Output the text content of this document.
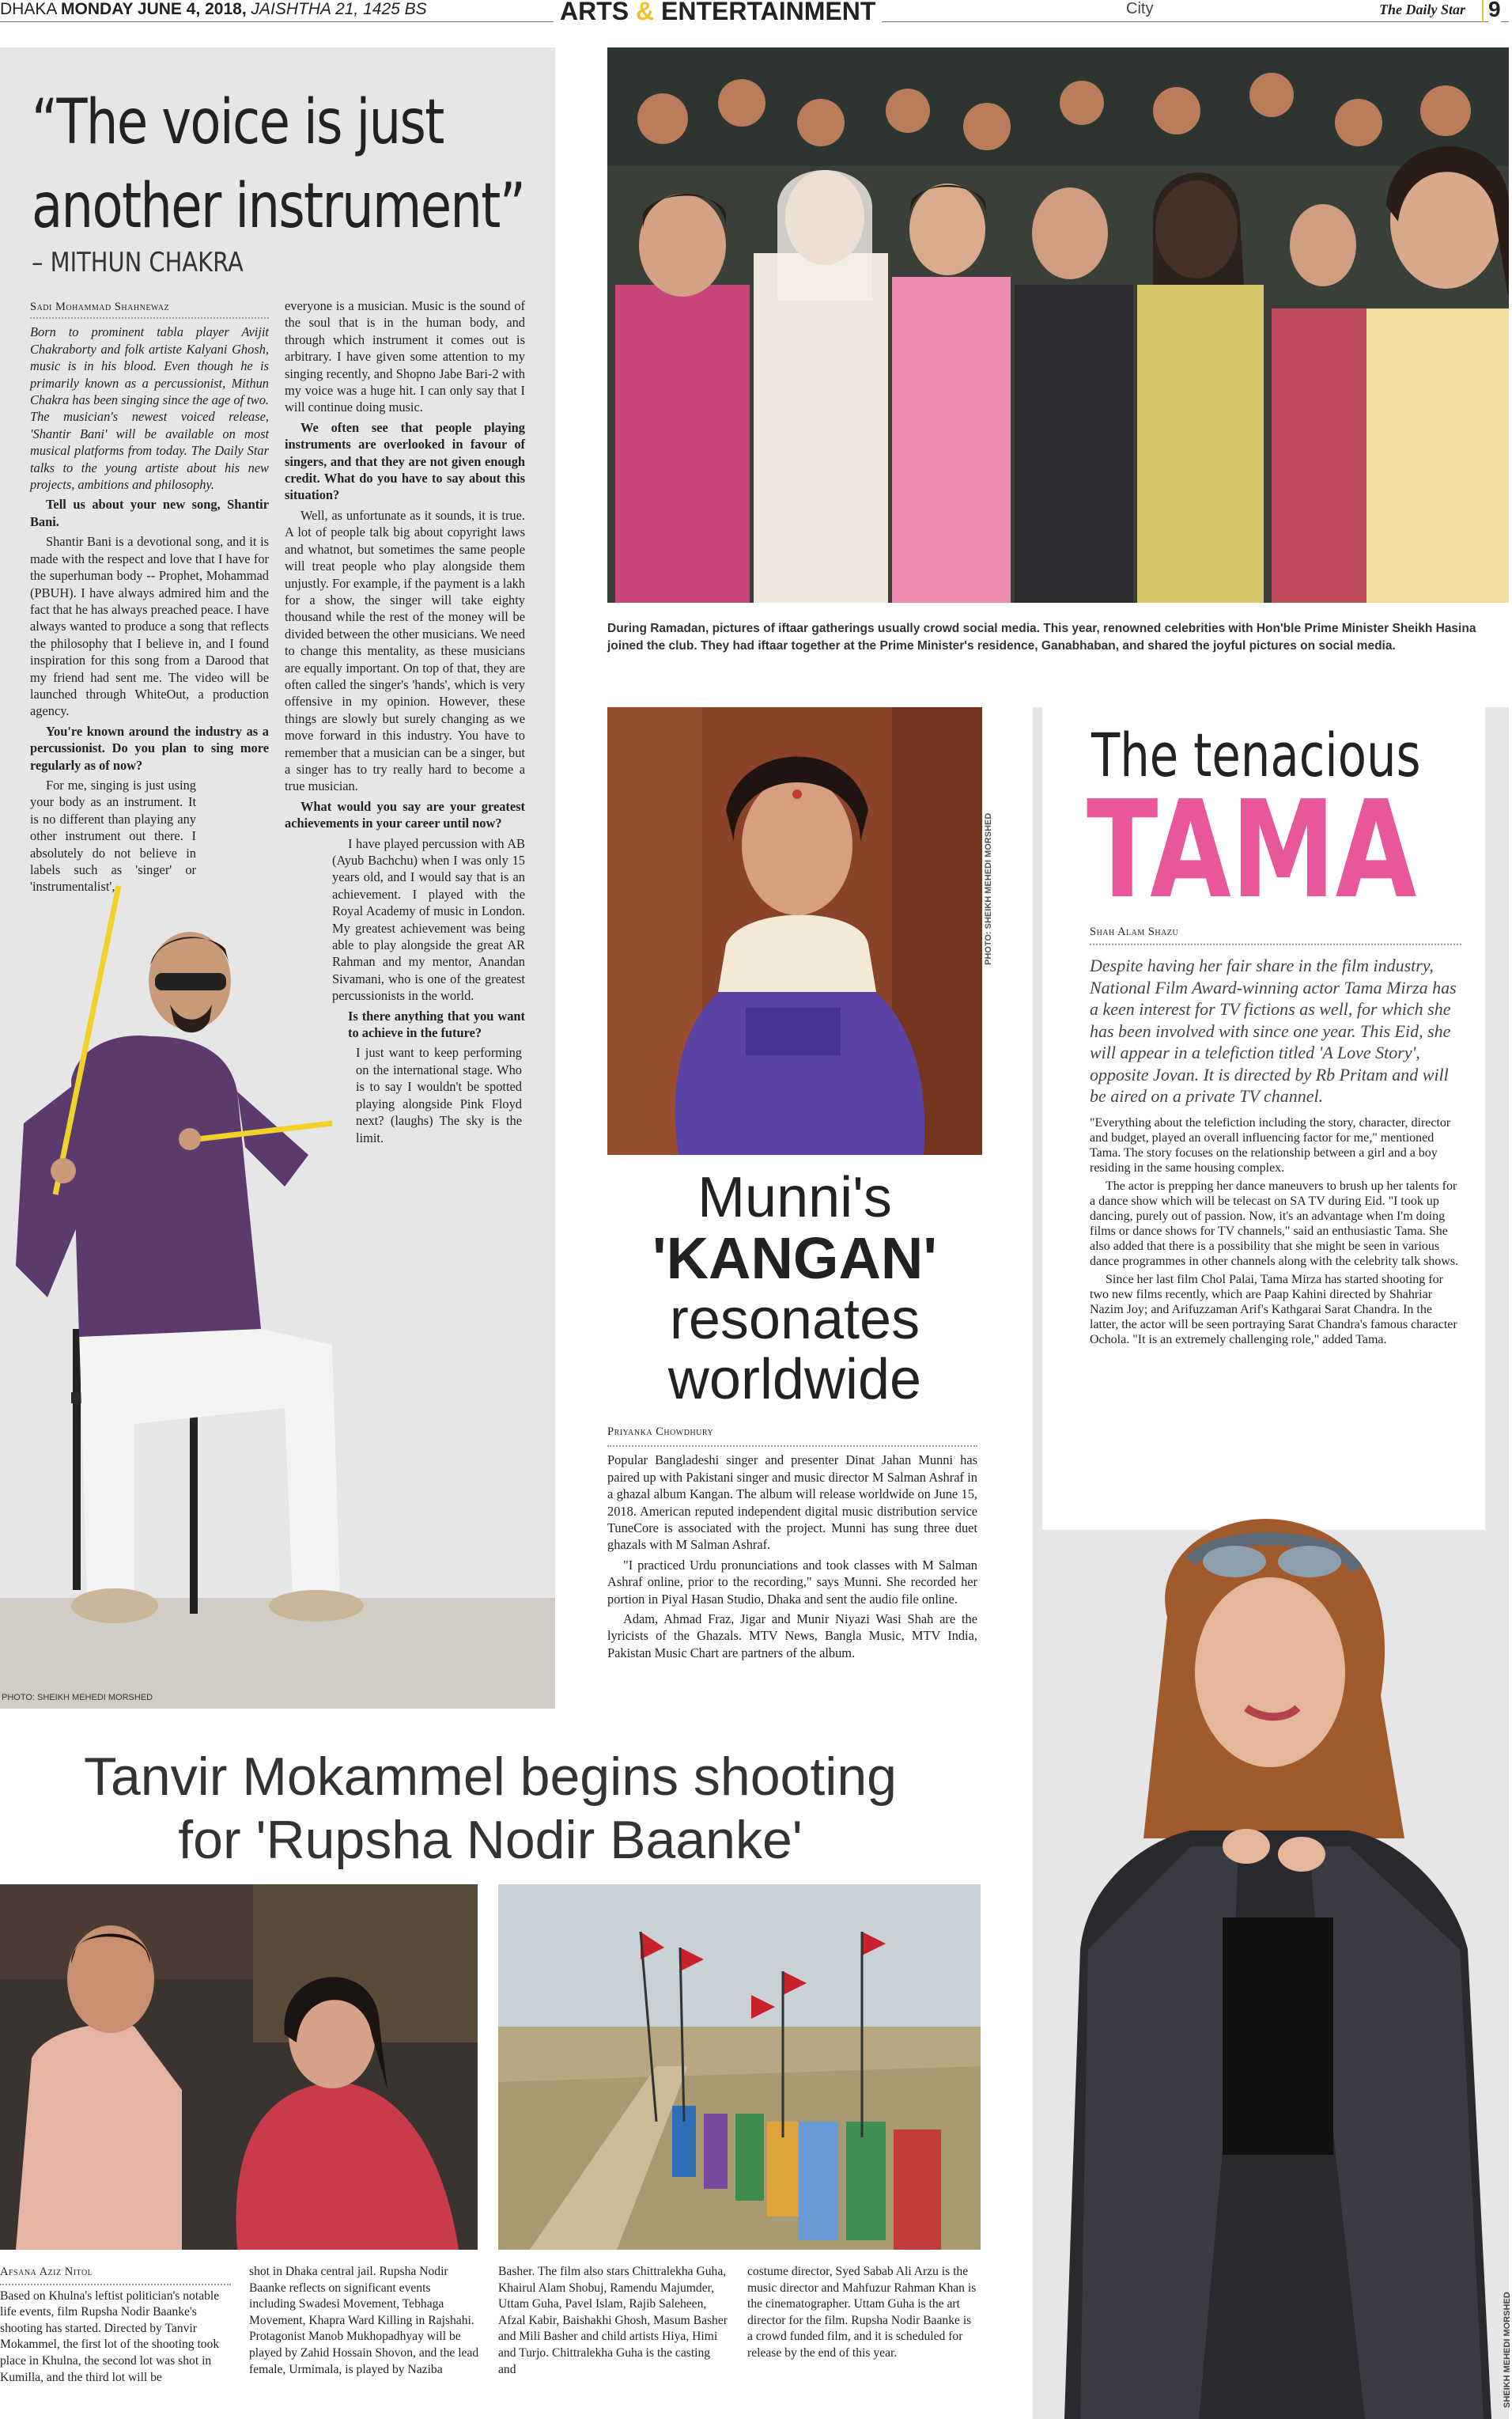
DHAKA MONDAY JUNE 4, 2018, JAISHTHA 21, 1425 BS	ARTS & ENTERTAINMENT	City	The Daily Star 9
“The voice is just another instrument”
– MITHUN CHAKRA
Sadi Mohammad Shahnewaz

Born to prominent tabla player Avijit Chakraborty and folk artiste Kalyani Ghosh, music is in his blood. Even though he is primarily known as a percussionist, Mithun Chakra has been singing since the age of two. The musician's newest voiced release, 'Shantir Bani' will be available on most musical platforms from today. The Daily Star talks to the young artiste about his new projects, ambitions and philosophy.

Tell us about your new song, Shantir Bani.

Shantir Bani is a devotional song, and it is made with the respect and love that I have for the superhuman body -- Prophet, Mohammad (PBUH). I have always admired him and the fact that he has always preached peace. I have always wanted to produce a song that reflects the philosophy that I believe in, and I found inspiration for this song from a Darood that my friend had sent me. The video will be launched through WhiteOut, a production agency.

You're known around the industry as a percussionist. Do you plan to sing more regularly as of now?

For me, singing is just using your body as an instrument. It is no different than playing any other instrument out there. I absolutely do not believe in labels such as 'singer' or 'instrumentalist',

everyone is a musician. Music is the sound of the soul that is in the human body, and through which instrument it comes out is arbitrary. I have given some attention to my singing recently, and Shopno Jabe Bari-2 with my voice was a huge hit. I can only say that I will continue doing music.

We often see that people playing instruments are overlooked in favour of singers, and that they are not given enough credit. What do you have to say about this situation?

Well, as unfortunate as it sounds, it is true. A lot of people talk big about copyright laws and whatnot, but sometimes the same people will treat people who play alongside them unjustly. For example, if the payment is a lakh for a show, the singer will take eighty thousand while the rest of the money will be divided between the other musicians. We need to change this mentality, as these musicians are equally important. On top of that, they are often called the singer's 'hands', which is very offensive in my opinion. However, these things are slowly but surely changing as we move forward in this industry. You have to remember that a musician can be a singer, but a singer has to try really hard to become a true musician.

What would you say are your greatest achievements in your career until now?

I have played percussion with AB (Ayub Bachchu) when I was only 15 years old, and I would say that is an achievement. I played with the Royal Academy of music in London. My greatest achievement was being able to play alongside the great AR Rahman and my mentor, Anandan Sivamani, who is one of the greatest percussionists in the world.

Is there anything that you want to achieve in the future?

I just want to keep performing on the international stage. Who is to say I wouldn't be spotted playing alongside Pink Floyd next? (laughs) The sky is the limit.

PHOTO: SHEIKH MEHEDI MORSHED
During Ramadan, pictures of iftaar gatherings usually crowd social media. This year, renowned celebrities with Hon'ble Prime Minister Sheikh Hasina joined the club. They had iftaar together at the Prime Minister's residence, Ganabhaban, and shared the joyful pictures on social media.
PHOTO: SHEIKH MEHEDI MORSHED
Munni's
'KANGAN'
resonates
worldwide
Priyanka Chowdhury

Popular Bangladeshi singer and presenter Dinat Jahan Munni has paired up with Pakistani singer and music director M Salman Ashraf in a ghazal album Kangan. The album will release worldwide on June 15, 2018. American reputed independent digital music distribution service TuneCore is associated with the project. Munni has sung three duet ghazals with M Salman Ashraf.

"I practiced Urdu pronunciations and took classes with M Salman Ashraf online, prior to the recording," says Munni. She recorded her portion in Piyal Hasan Studio, Dhaka and sent the audio file online.

Adam, Ahmad Fraz, Jigar and Munir Niyazi Wasi Shah are the lyricists of the Ghazals. MTV News, Bangla Music, MTV India, Pakistan Music Chart are partners of the album.

The tenacious
TAMA
Shah Alam Shazu

Despite having her fair share in the film industry, National Film Award-winning actor Tama Mirza has a keen interest for TV fictions as well, for which she has been involved with since one year. This Eid, she will appear in a telefiction titled 'A Love Story', opposite Jovan. It is directed by Rb Pritam and will be aired on a private TV channel.

"Everything about the telefiction including the story, character, director and budget, played an overall influencing factor for me," mentioned Tama. The story focuses on the relationship between a girl and a boy residing in the same housing complex.

The actor is prepping her dance maneuvers to brush up her talents for a dance show which will be telecast on SA TV during Eid. "I took up dancing, purely out of passion. Now, it's an advantage when I'm doing films or dance shows for TV channels," said an enthusiastic Tama. She also added that there is a possibility that she might be seen in various dance programmes in other channels along with the celebrity talk shows.

Since her last film Chol Palai, Tama Mirza has started shooting for two new films recently, which are Paap Kahini directed by Shahriar Nazim Joy; and Arifuzzaman Arif's Kathgarai Sarat Chandra. In the latter, the actor will be seen portraying Sarat Chandra's famous character Ochola. "It is an extremely challenging role," added Tama.

SHEIKH MEHEDI MORSHED
Tanvir Mokammel begins shooting
for 'Rupsha Nodir Baanke'
Afsana Aziz Nitol

Based on Khulna's leftist politician's notable life events, film Rupsha Nodir Baanke's shooting has started. Directed by Tanvir Mokammel, the first lot of the shooting took place in Khulna, the second lot was shot in Kumilla, and the third lot will be

shot in Dhaka central jail. Rupsha Nodir Baanke reflects on significant events including Swadesi Movement, Tebhaga Movement, Khapra Ward Killing in Rajshahi. Protagonist Manob Mukhopadhyay will be played by Zahid Hossain Shovon, and the lead female, Urmimala, is played by Naziba

Basher. The film also stars Chittralekha Guha, Khairul Alam Shobuj, Ramendu Majumder, Uttam Guha, Pavel Islam, Rajib Saleheen, Afzal Kabir, Baishakhi Ghosh, Masum Basher and Mili Basher and child artists Hiya, Himi and Turjo. Chittralekha Guha is the casting and

costume director, Syed Sabab Ali Arzu is the music director and Mahfuzur Rahman Khan is the cinematographer. Uttam Guha is the art director for the film. Rupsha Nodir Baanke is a crowd funded film, and it is scheduled for release by the end of this year.
